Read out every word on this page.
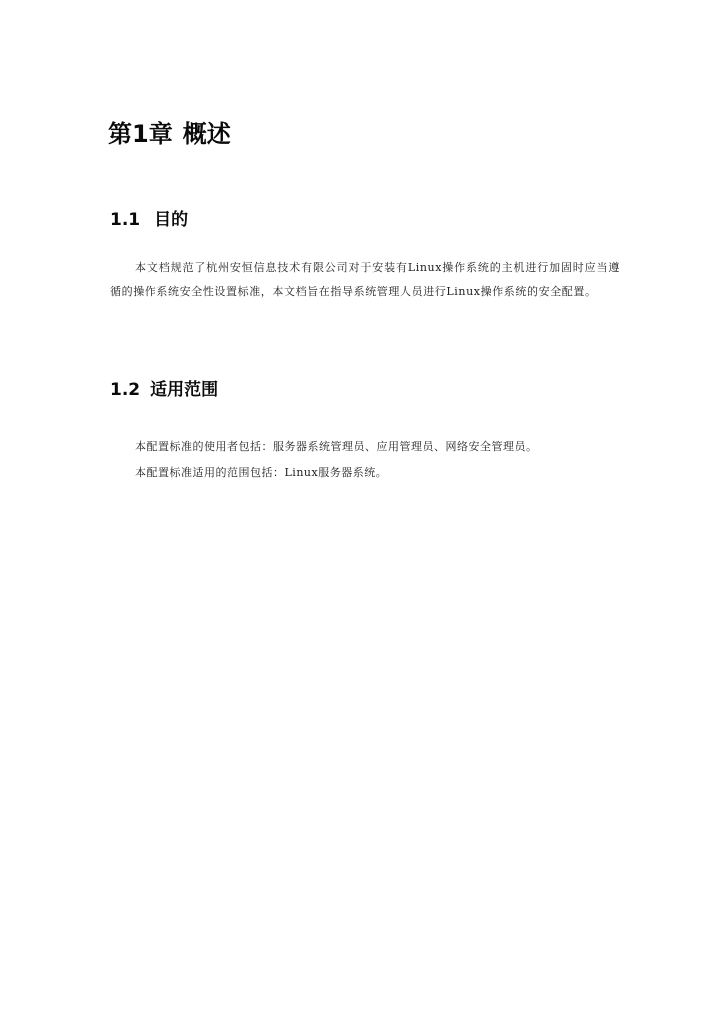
第1章 概述
1.1 目的

本文档规范了杭州安恒信息技术有限公司对于安装有Linux操作系统的主机进行加固时应当遵循的操作系统安全性设置标准，本文档旨在指导系统管理人员进行Linux操作系统的安全配置。

1.2 适用范围

本配置标准的使用者包括：服务器系统管理员、应用管理员、网络安全管理员。

本配置标准适用的范围包括：Linux服务器系统。
